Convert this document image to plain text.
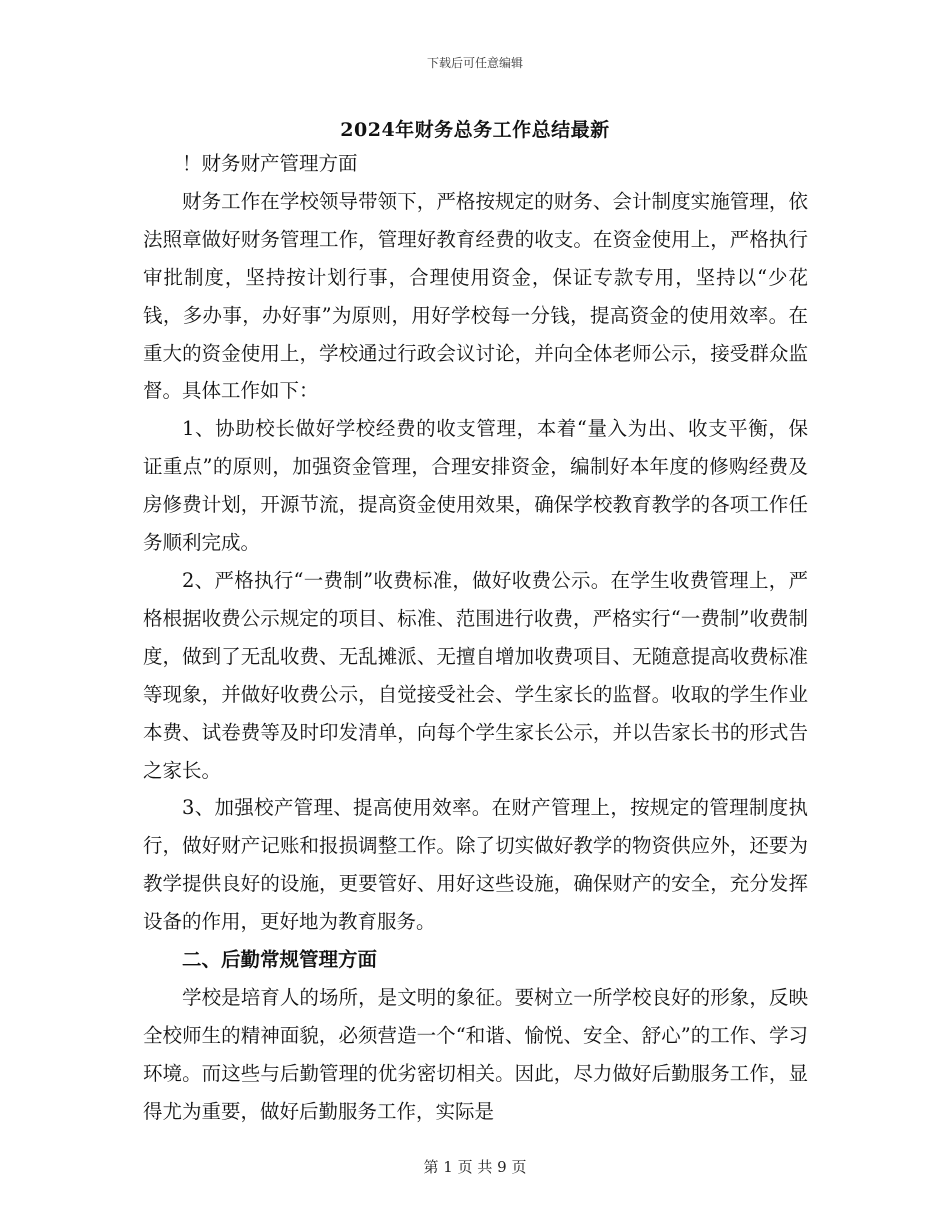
下载后可任意编辑
2024年财务总务工作总结最新

！财务财产管理方面

财务工作在学校领导带领下，严格按规定的财务、会计制度实施管理，依法照章做好财务管理工作，管理好教育经费的收支。在资金使用上，严格执行审批制度，坚持按计划行事，合理使用资金，保证专款专用，坚持以“少花钱，多办事，办好事”为原则，用好学校每一分钱，提高资金的使用效率。在重大的资金使用上，学校通过行政会议讨论，并向全体老师公示，接受群众监督。具体工作如下：

1、协助校长做好学校经费的收支管理，本着“量入为出、收支平衡，保证重点”的原则，加强资金管理，合理安排资金，编制好本年度的修购经费及房修费计划，开源节流，提高资金使用效果，确保学校教育教学的各项工作任务顺利完成。

2、严格执行“一费制”收费标准，做好收费公示。在学生收费管理上，严格根据收费公示规定的项目、标准、范围进行收费，严格实行“一费制”收费制度，做到了无乱收费、无乱摊派、无擅自增加收费项目、无随意提高收费标准等现象，并做好收费公示，自觉接受社会、学生家长的监督。收取的学生作业本费、试卷费等及时印发清单，向每个学生家长公示，并以告家长书的形式告之家长。

3、加强校产管理、提高使用效率。在财产管理上，按规定的管理制度执行，做好财产记账和报损调整工作。除了切实做好教学的物资供应外，还要为教学提供良好的设施，更要管好、用好这些设施，确保财产的安全，充分发挥设备的作用，更好地为教育服务。

二、后勤常规管理方面

学校是培育人的场所，是文明的象征。要树立一所学校良好的形象，反映全校师生的精神面貌，必须营造一个“和谐、愉悦、安全、舒心”的工作、学习环境。而这些与后勤管理的优劣密切相关。因此，尽力做好后勤服务工作，显得尤为重要，做好后勤服务工作，实际是

第 1 页 共 9 页
